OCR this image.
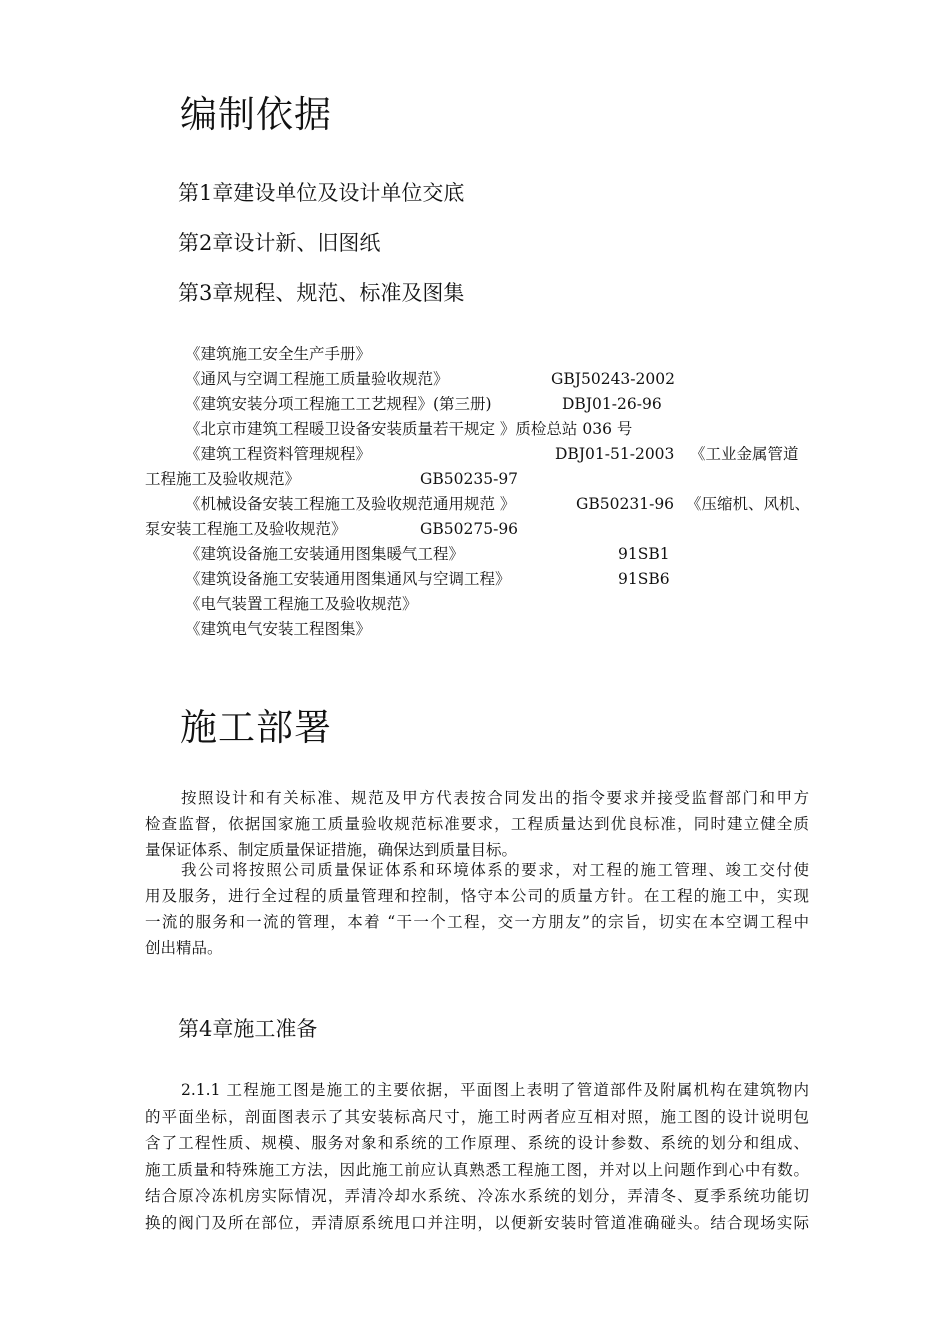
编制依据
第1章建设单位及设计单位交底
第2章设计新、旧图纸
第3章规程、规范、标准及图集
《建筑施工安全生产手册》
《通风与空调工程施工质量验收规范》	GBJ50243-2002
《建筑安装分项工程施工工艺规程》(第三册)	DBJ01-26-96
《北京市建筑工程暖卫设备安装质量若干规定 》质检总站 036 号
《建筑工程资料管理规程》	DBJ01-51-2003 《工业金属管道
工程施工及验收规范》	GB50235-97
《机械设备安装工程施工及验收规范通用规范 》	GB50231-96 《压缩机、风机、
泵安装工程施工及验收规范》	GB50275-96
《建筑设备施工安装通用图集暖气工程》	91SB1
《建筑设备施工安装通用图集通风与空调工程》	91SB6
《电气装置工程施工及验收规范》
《建筑电气安装工程图集》
施工部署
按照设计和有关标准、规范及甲方代表按合同发出的指令要求并接受监督部门和甲方
检查监督，依据国家施工质量验收规范标准要求，工程质量达到优良标准，同时建立健全质
量保证体系、制定质量保证措施，确保达到质量目标。
我公司将按照公司质量保证体系和环境体系的要求，对工程的施工管理、竣工交付使
用及服务，进行全过程的质量管理和控制，恪守本公司的质量方针。在工程的施工中，实现
一流的服务和一流的管理，本着 “干一个工程，交一方朋友”的宗旨，切实在本空调工程中
创出精品。
第4章施工准备
2.1.1 工程施工图是施工的主要依据，平面图上表明了管道部件及附属机构在建筑物内
的平面坐标，剖面图表示了其安装标高尺寸，施工时两者应互相对照，施工图的设计说明包
含了工程性质、规模、服务对象和系统的工作原理、系统的设计参数、系统的划分和组成、
施工质量和特殊施工方法，因此施工前应认真熟悉工程施工图，并对以上问题作到心中有数。
结合原冷冻机房实际情况，弄清冷却水系统、冷冻水系统的划分，弄清冬、夏季系统功能切
换的阀门及所在部位，弄清原系统甩口并注明，以便新安装时管道准确碰头。结合现场实际
